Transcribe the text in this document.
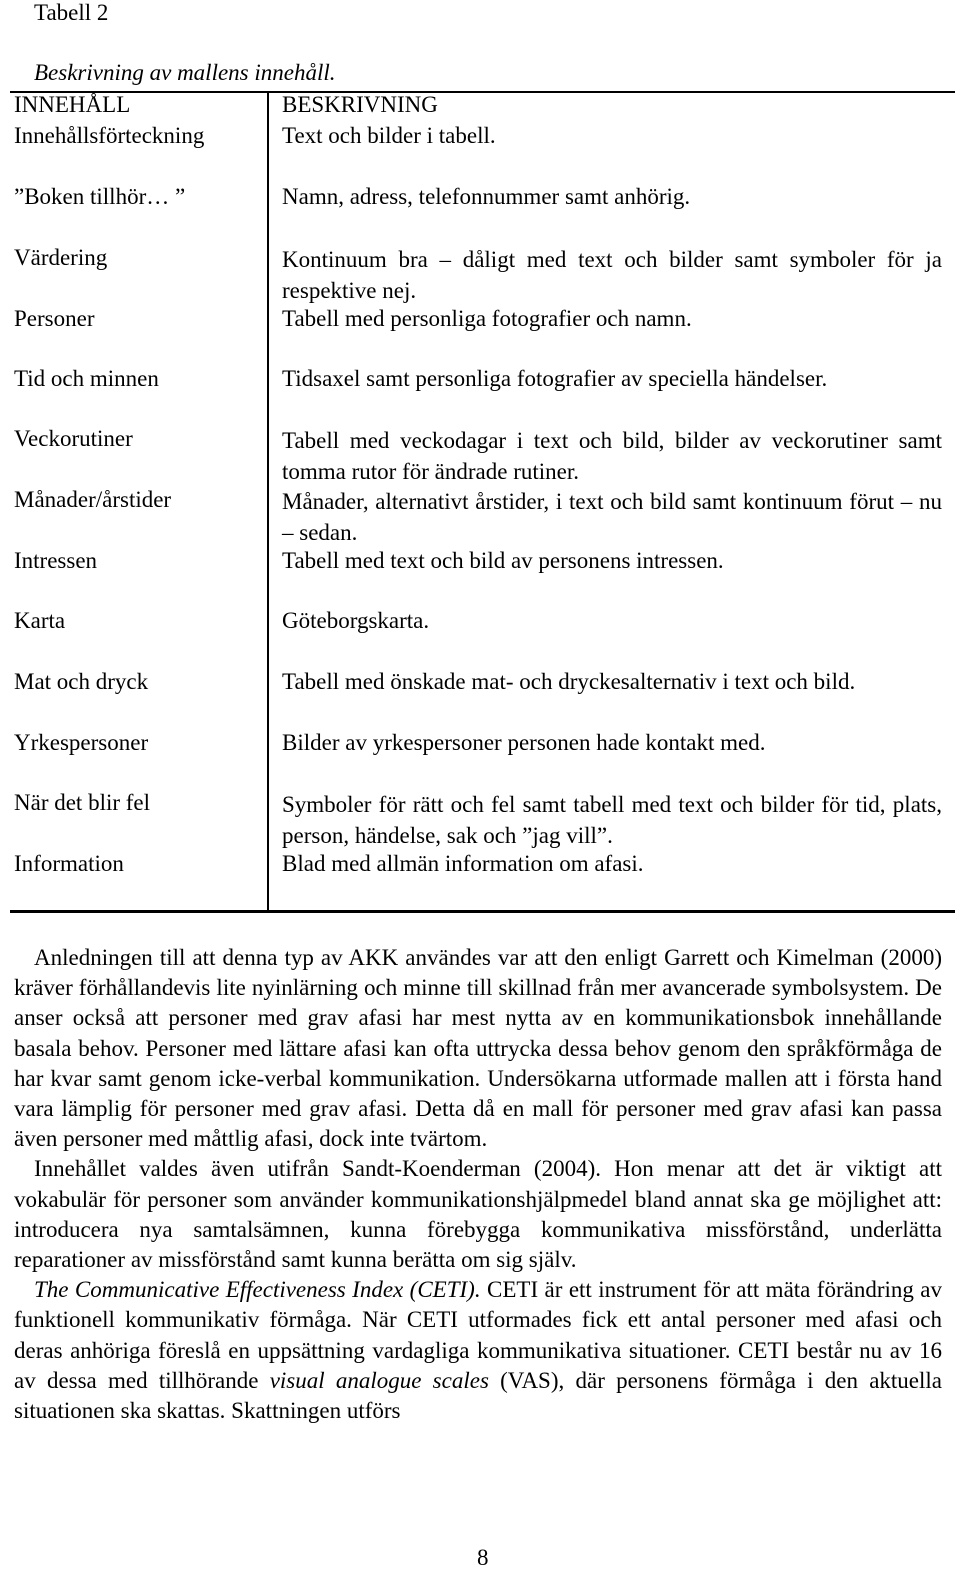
Tabell 2
Beskrivning av mallens innehåll.
INNEHÅLL	BESKRIVNING
Innehållsförteckning	Text och bilder i tabell.
”Boken tillhör… ”	Namn, adress, telefonnummer samt anhörig.
Värdering	Kontinuum bra – dåligt med text och bilder samt symboler för ja respektive nej.
Personer	Tabell med personliga fotografier och namn.
Tid och minnen	Tidsaxel samt personliga fotografier av speciella händelser.
Veckorutiner	Tabell med veckodagar i text och bild, bilder av veckorutiner samt tomma rutor för ändrade rutiner.
Månader/årstider	Månader, alternativt årstider, i text och bild samt kontinuum förut – nu – sedan.
Intressen	Tabell med text och bild av personens intressen.
Karta	Göteborgskarta.
Mat och dryck	Tabell med önskade mat- och dryckesalternativ i text och bild.
Yrkespersoner	Bilder av yrkespersoner personen hade kontakt med.
När det blir fel	Symboler för rätt och fel samt tabell med text och bilder för tid, plats, person, händelse, sak och ”jag vill”.
Information	Blad med allmän information om afasi.

Anledningen till att denna typ av AKK användes var att den enligt Garrett och Kimelman (2000) kräver förhållandevis lite nyinlärning och minne till skillnad från mer avancerade symbolsystem. De anser också att personer med grav afasi har mest nytta av en kommunikationsbok innehållande basala behov. Personer med lättare afasi kan ofta uttrycka dessa behov genom den språkförmåga de har kvar samt genom icke-verbal kommunikation. Undersökarna utformade mallen att i första hand vara lämplig för personer med grav afasi. Detta då en mall för personer med grav afasi kan passa även personer med måttlig afasi, dock inte tvärtom.

Innehållet valdes även utifrån Sandt-Koenderman (2004). Hon menar att det är viktigt att vokabulär för personer som använder kommunikationshjälpmedel bland annat ska ge möjlighet att: introducera nya samtalsämnen, kunna förebygga kommunikativa missförstånd, underlätta reparationer av missförstånd samt kunna berätta om sig själv.

The Communicative Effectiveness Index (CETI). CETI är ett instrument för att mäta förändring av funktionell kommunikativ förmåga. När CETI utformades fick ett antal personer med afasi och deras anhöriga föreslå en uppsättning vardagliga kommunikativa situationer. CETI består nu av 16 av dessa med tillhörande visual analogue scales (VAS), där personens förmåga i den aktuella situationen ska skattas. Skattningen utförs

8
